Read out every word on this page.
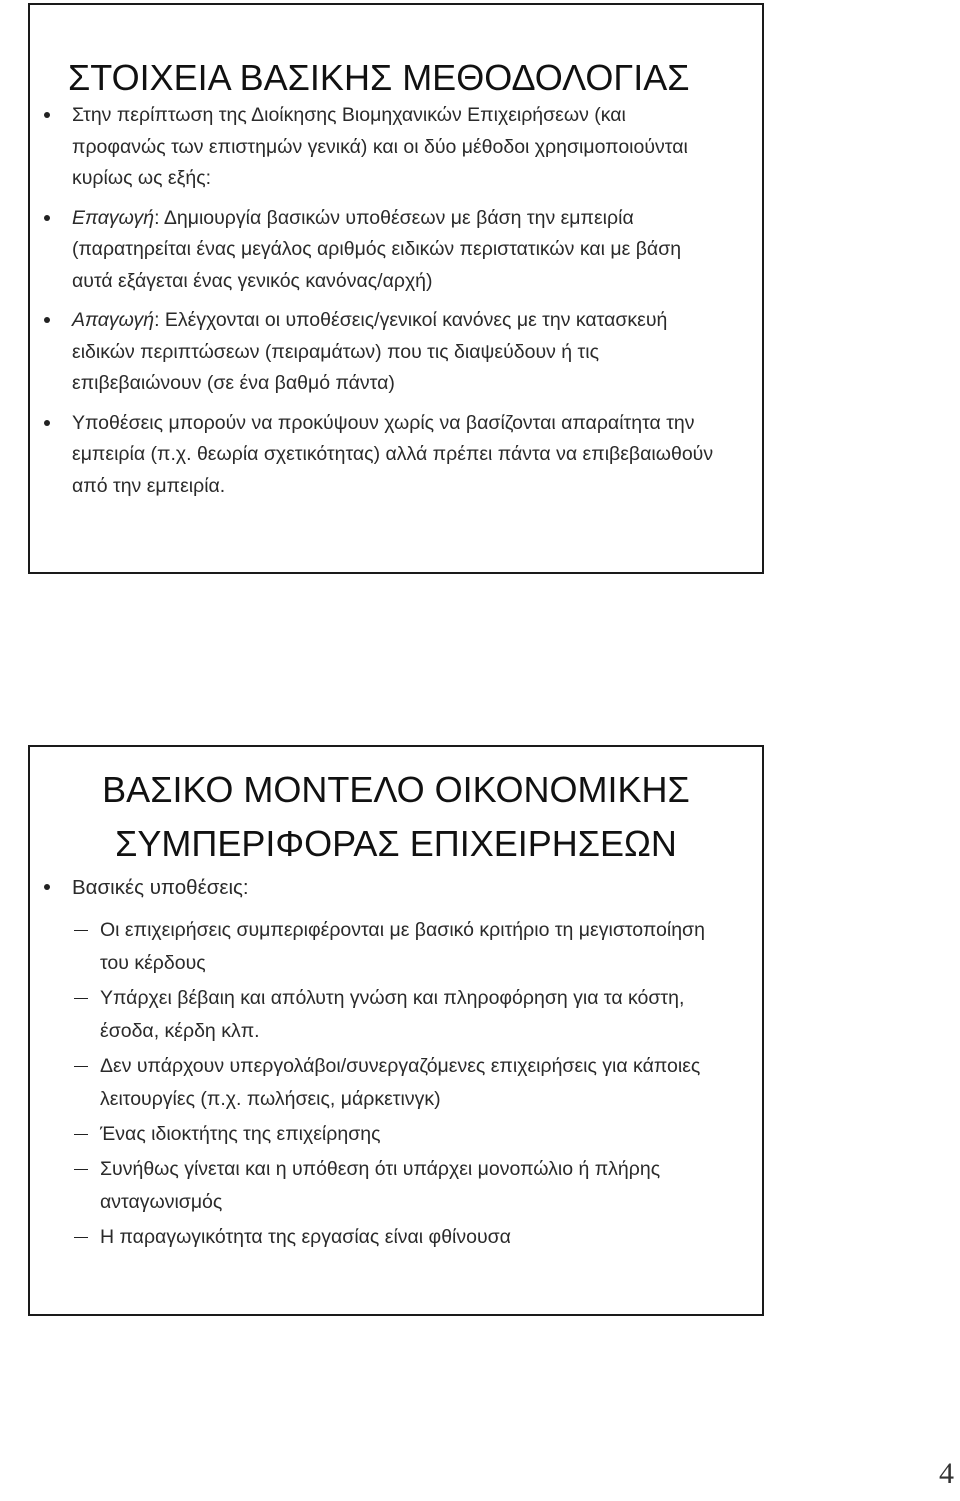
ΣΤΟΙΧΕΙΑ ΒΑΣΙΚΗΣ ΜΕΘΟΔΟΛΟΓΙΑΣ
Στην περίπτωση της Διοίκησης Βιομηχανικών Επιχειρήσεων (και προφανώς των επιστημών γενικά) και οι δύο μέθοδοι χρησιμοποιούνται κυρίως ως εξής:
Επαγωγή: Δημιουργία βασικών υποθέσεων με βάση την εμπειρία (παρατηρείται ένας μεγάλος αριθμός ειδικών περιστατικών και με βάση αυτά εξάγεται ένας γενικός κανόνας/αρχή)
Απαγωγή: Ελέγχονται οι υποθέσεις/γενικοί κανόνες με την κατασκευή ειδικών περιπτώσεων (πειραμάτων) που τις διαψεύδουν ή τις επιβεβαιώνουν (σε ένα βαθμό πάντα)
Υποθέσεις μπορούν να προκύψουν χωρίς να βασίζονται απαραίτητα την εμπειρία (π.χ. θεωρία σχετικότητας) αλλά πρέπει πάντα να επιβεβαιωθούν από την εμπειρία.
ΒΑΣΙΚΟ ΜΟΝΤΕΛΟ ΟΙΚΟΝΟΜΙΚΗΣ
ΣΥΜΠΕΡΙΦΟΡΑΣ ΕΠΙΧΕΙΡΗΣΕΩΝ
Βασικές υποθέσεις:
Οι επιχειρήσεις συμπεριφέρονται με βασικό κριτήριο τη μεγιστοποίηση του κέρδους
Υπάρχει βέβαιη και απόλυτη γνώση και πληροφόρηση για τα κόστη, έσοδα, κέρδη κλπ.
Δεν υπάρχουν υπεργολάβοι/συνεργαζόμενες επιχειρήσεις για κάποιες λειτουργίες (π.χ. πωλήσεις, μάρκετινγκ)
Ένας ιδιοκτήτης της επιχείρησης
Συνήθως γίνεται και η υπόθεση ότι υπάρχει μονοπώλιο ή πλήρης ανταγωνισμός
Η παραγωγικότητα της εργασίας είναι φθίνουσα
4
